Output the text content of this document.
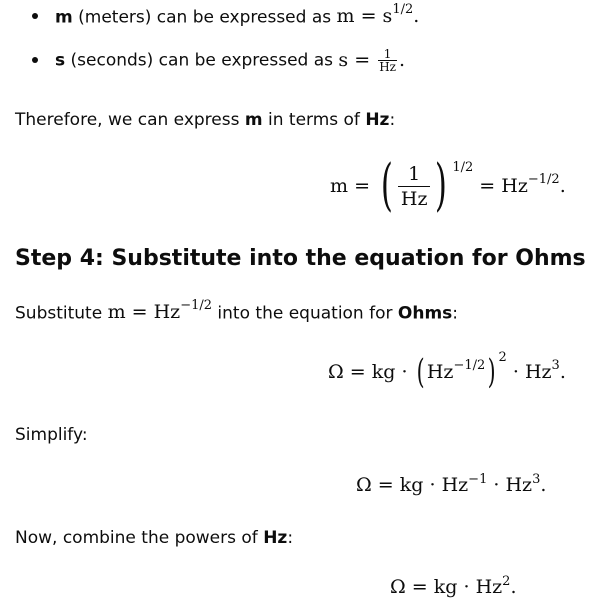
m (meters) can be expressed as $m = s^{1/2}$.
s (seconds) can be expressed as $s = \frac{1}{Hz}$ .
Therefore, we can express m in terms of Hz:
m = ( $\frac{1}{Hz}$ ) $^{1/2} = Hz^{-1/2}$.
Step 4: Substitute into the equation for Ohms
Substitute $m = Hz^{-1/2}$ into the equation for Ohms:
Ω = kg · ( $Hz^{-1/2}$) $^2 \cdot Hz^3$.
Simplify:
Ω = kg · $Hz^{-1} \cdot Hz^3$.
Now, combine the powers of Hz:
Ω = kg · $Hz^2$.
